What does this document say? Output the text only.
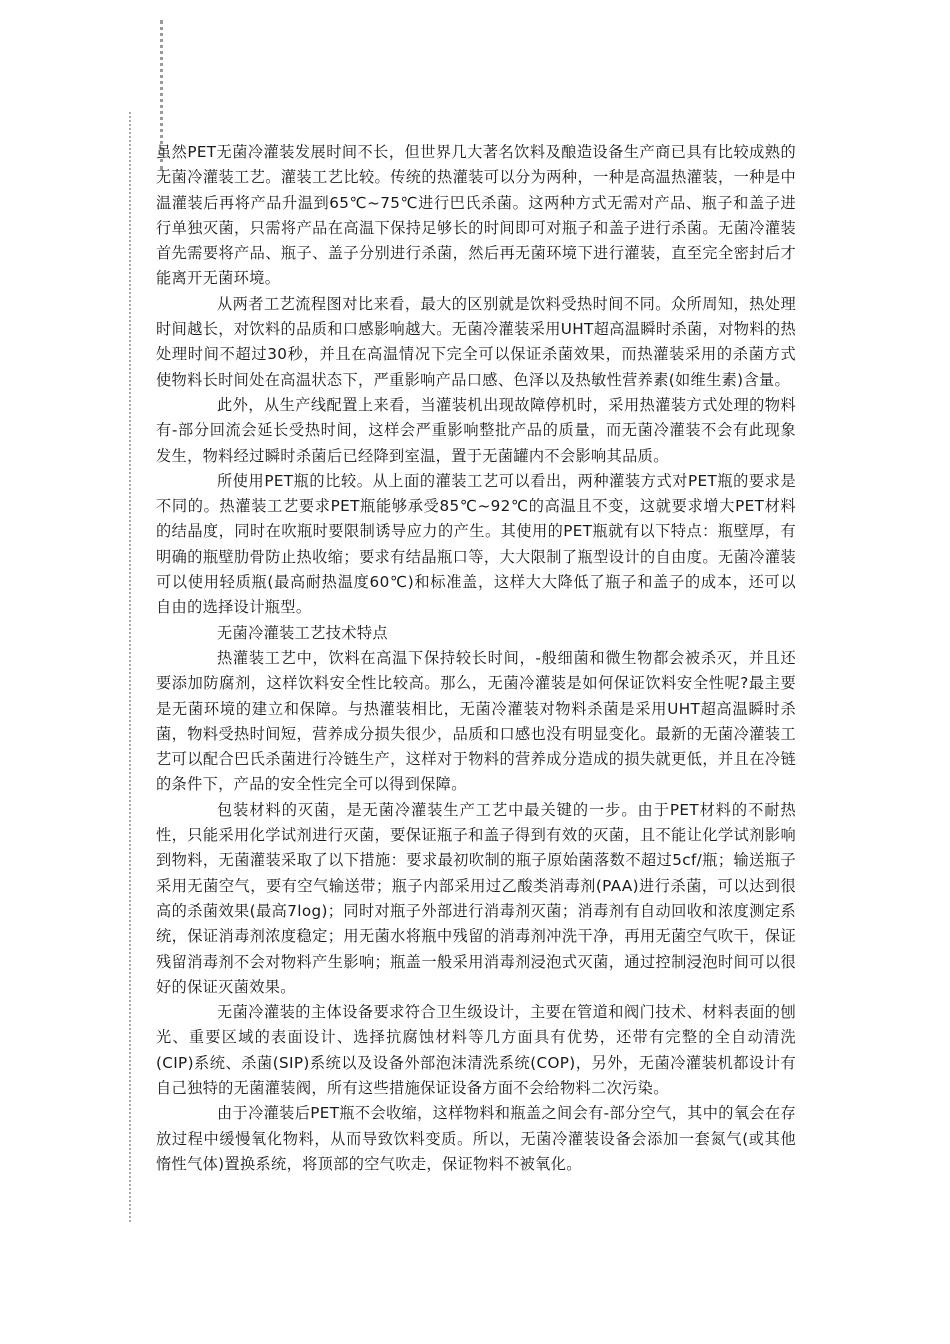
虽然PET无菌冷灌装发展时间不长，但世界几大著名饮料及酿造设备生产商已具有比较成熟的无菌冷灌装工艺。灌装工艺比较。传统的热灌装可以分为两种，一种是高温热灌装，一种是中温灌装后再将产品升温到65℃~75℃进行巴氏杀菌。这两种方式无需对产品、瓶子和盖子进行单独灭菌，只需将产品在高温下保持足够长的时间即可对瓶子和盖子进行杀菌。无菌冷灌装首先需要将产品、瓶子、盖子分别进行杀菌，然后再无菌环境下进行灌装，直至完全密封后才能离开无菌环境。

从两者工艺流程图对比来看，最大的区别就是饮料受热时间不同。众所周知，热处理时间越长，对饮料的品质和口感影响越大。无菌冷灌装采用UHT超高温瞬时杀菌，对物料的热处理时间不超过30秒，并且在高温情况下完全可以保证杀菌效果，而热灌装采用的杀菌方式使物料长时间处在高温状态下，严重影响产品口感、色泽以及热敏性营养素(如维生素)含量。

此外，从生产线配置上来看，当灌装机出现故障停机时，采用热灌装方式处理的物料有-部分回流会延长受热时间，这样会严重影响整批产品的质量，而无菌冷灌装不会有此现象发生，物料经过瞬时杀菌后已经降到室温，置于无菌罐内不会影响其品质。

所使用PET瓶的比较。从上面的灌装工艺可以看出，两种灌装方式对PET瓶的要求是不同的。热灌装工艺要求PET瓶能够承受85℃~92℃的高温且不变，这就要求增大PET材料的结晶度，同时在吹瓶时要限制诱导应力的产生。其使用的PET瓶就有以下特点：瓶壁厚，有明确的瓶壁肋骨防止热收缩；要求有结晶瓶口等，大大限制了瓶型设计的自由度。无菌冷灌装可以使用轻质瓶(最高耐热温度60℃)和标准盖，这样大大降低了瓶子和盖子的成本，还可以自由的选择设计瓶型。

无菌冷灌装工艺技术特点

热灌装工艺中，饮料在高温下保持较长时间，-般细菌和微生物都会被杀灭，并且还要添加防腐剂，这样饮料安全性比较高。那么，无菌冷灌装是如何保证饮料安全性呢?最主要是无菌环境的建立和保障。与热灌装相比，无菌冷灌装对物料杀菌是采用UHT超高温瞬时杀菌，物料受热时间短，营养成分损失很少，品质和口感也没有明显变化。最新的无菌冷灌装工艺可以配合巴氏杀菌进行冷链生产，这样对于物料的营养成分造成的损失就更低，并且在冷链的条件下，产品的安全性完全可以得到保障。

包装材料的灭菌，是无菌冷灌装生产工艺中最关键的一步。由于PET材料的不耐热性，只能采用化学试剂进行灭菌，要保证瓶子和盖子得到有效的灭菌，且不能让化学试剂影响到物料，无菌灌装采取了以下措施：要求最初吹制的瓶子原始菌落数不超过5cf/瓶；输送瓶子采用无菌空气，要有空气输送带；瓶子内部采用过乙酸类消毒剂(PAA)进行杀菌，可以达到很高的杀菌效果(最高7log)；同时对瓶子外部进行消毒剂灭菌；消毒剂有自动回收和浓度测定系统，保证消毒剂浓度稳定；用无菌水将瓶中残留的消毒剂冲洗干净，再用无菌空气吹干，保证残留消毒剂不会对物料产生影响；瓶盖一般采用消毒剂浸泡式灭菌，通过控制浸泡时间可以很好的保证灭菌效果。

无菌冷灌装的主体设备要求符合卫生级设计，主要在管道和阀门技术、材料表面的刨光、重要区域的表面设计、选择抗腐蚀材料等几方面具有优势，还带有完整的全自动清洗(CIP)系统、杀菌(SIP)系统以及设备外部泡沫清洗系统(COP)，另外，无菌冷灌装机都设计有自己独特的无菌灌装阀，所有这些措施保证设备方面不会给物料二次污染。

由于冷灌装后PET瓶不会收缩，这样物料和瓶盖之间会有-部分空气，其中的氧会在存放过程中缓慢氧化物料，从而导致饮料变质。所以，无菌冷灌装设备会添加一套氮气(或其他惰性气体)置换系统，将顶部的空气吹走，保证物料不被氧化。
